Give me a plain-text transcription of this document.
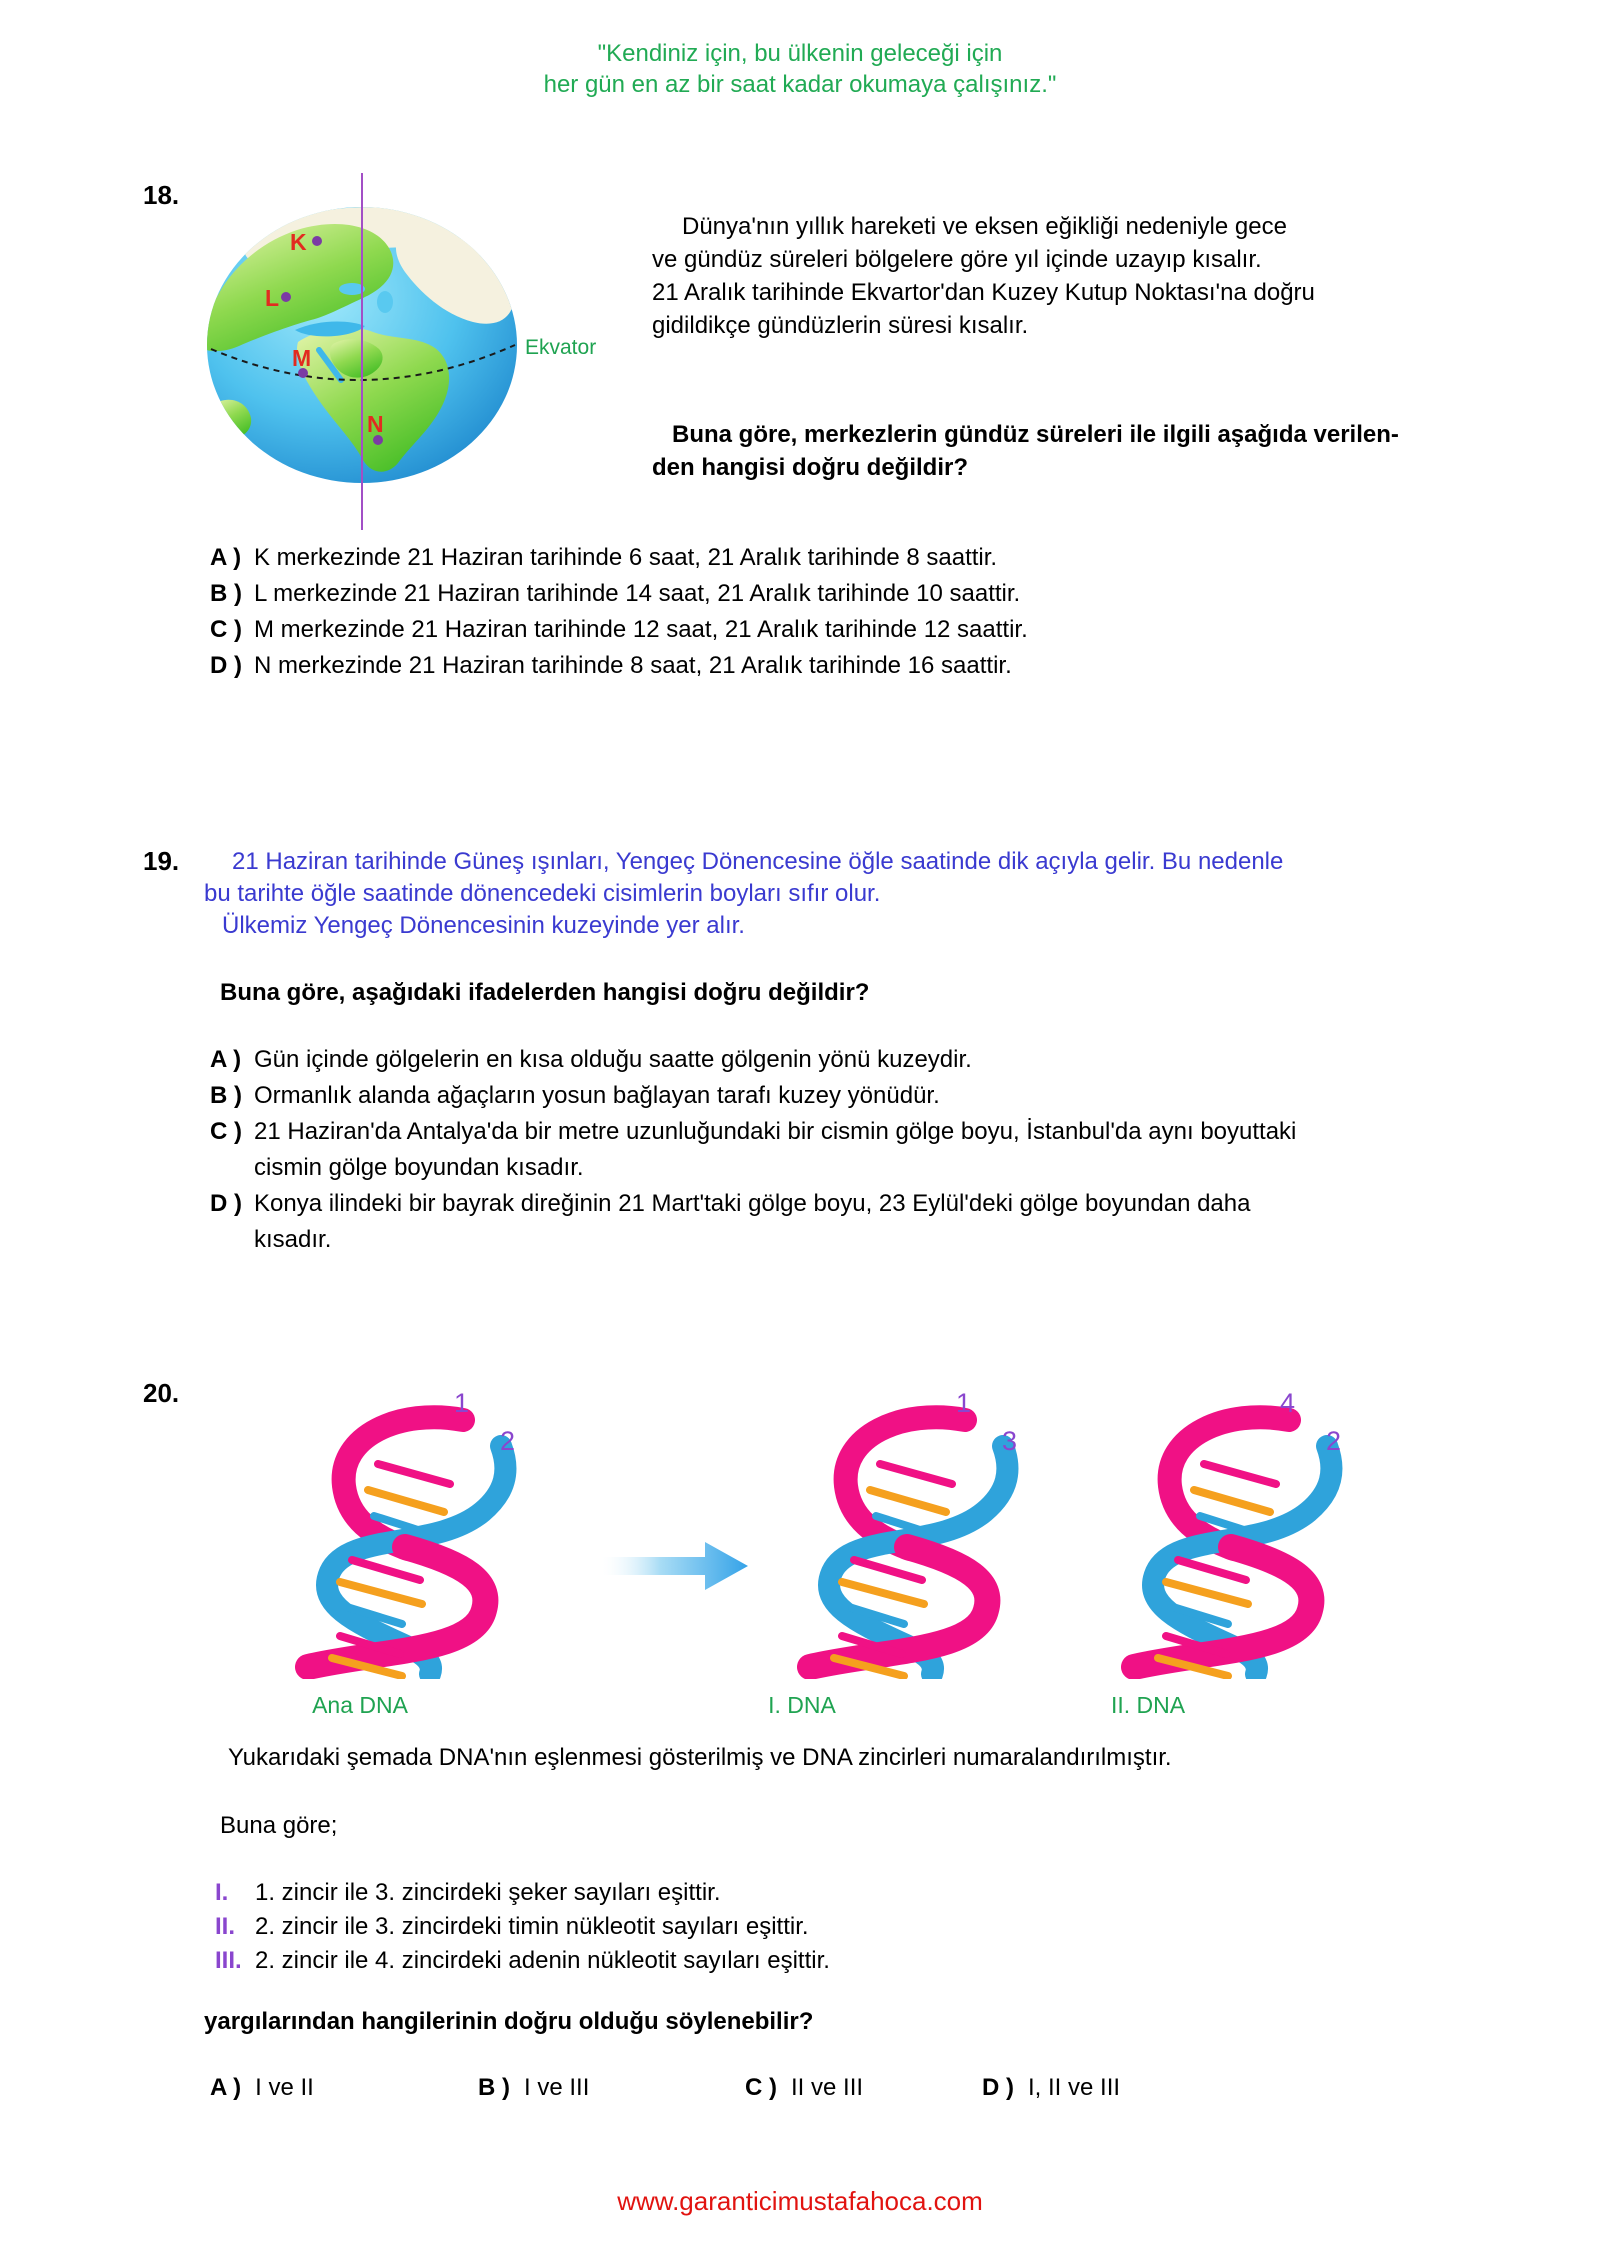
"Kendiniz için, bu ülkenin geleceği için
her gün en az bir saat kadar okumaya çalışınız."
18.
K
L
M
N
Ekvator
Dünya'nın yıllık hareketi ve eksen eğikliği nedeniyle gece
ve gündüz süreleri bölgelere göre yıl içinde uzayıp kısalır.
21 Aralık tarihinde Ekvartor'dan Kuzey Kutup Noktası'na doğru
gidildikçe gündüzlerin süresi kısalır.
Buna göre, merkezlerin gündüz süreleri ile ilgili aşağıda verilen-
den hangisi doğru değildir?
A ) K merkezinde 21 Haziran tarihinde 6 saat, 21 Aralık tarihinde 8 saattir.
B ) L merkezinde 21 Haziran tarihinde 14 saat, 21 Aralık tarihinde 10 saattir.
C ) M merkezinde 21 Haziran tarihinde 12 saat, 21 Aralık tarihinde 12 saattir.
D ) N merkezinde 21 Haziran tarihinde 8 saat, 21 Aralık tarihinde 16 saattir.
19. 21 Haziran tarihinde Güneş ışınları, Yengeç Dönencesine öğle saatinde dik açıyla gelir. Bu nedenle
bu tarihte öğle saatinde dönencedeki cisimlerin boyları sıfır olur.
Ülkemiz Yengeç Dönencesinin kuzeyinde yer alır.
Buna göre, aşağıdaki ifadelerden hangisi doğru değildir?
A ) Gün içinde gölgelerin en kısa olduğu saatte gölgenin yönü kuzeydir.
B ) Ormanlık alanda ağaçların yosun bağlayan tarafı kuzey yönüdür.
C ) 21 Haziran'da Antalya'da bir metre uzunluğundaki bir cismin gölge boyu, İstanbul'da aynı boyuttaki
cismin gölge boyundan kısadır.
D ) Konya ilindeki bir bayrak direğinin 21 Mart'taki gölge boyu, 23 Eylül'deki gölge boyundan daha
kısadır.
20.	1
2
Ana DNA
1
3
I. DNA
4
2
II. DNA
Yukarıdaki şemada DNA'nın eşlenmesi gösterilmiş ve DNA zincirleri numaralandırılmıştır.
Buna göre;
I.	1. zincir ile 3. zincirdeki şeker sayıları eşittir.
II. 2. zincir ile 3. zincirdeki timin nükleotit sayıları eşittir.
III. 2. zincir ile 4. zincirdeki adenin nükleotit sayıları eşittir.
yargılarından hangilerinin doğru olduğu söylenebilir?
A ) I ve II	B ) I ve III	C ) II ve III	D ) I, II ve III
www.garanticimustafahoca.com
